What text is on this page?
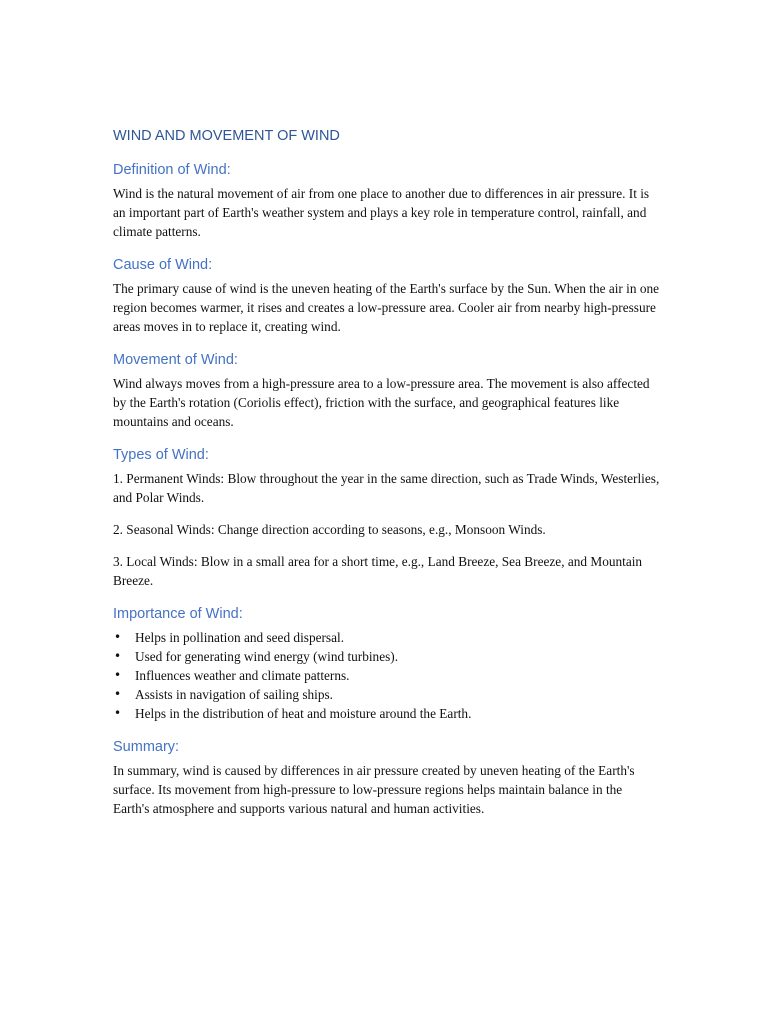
WIND AND MOVEMENT OF WIND
Definition of Wind:

Wind is the natural movement of air from one place to another due to differences in air pressure. It is an important part of Earth's weather system and plays a key role in temperature control, rainfall, and climate patterns.

Cause of Wind:

The primary cause of wind is the uneven heating of the Earth's surface by the Sun. When the air in one region becomes warmer, it rises and creates a low-pressure area. Cooler air from nearby high-pressure areas moves in to replace it, creating wind.

Movement of Wind:

Wind always moves from a high-pressure area to a low-pressure area. The movement is also affected by the Earth's rotation (Coriolis effect), friction with the surface, and geographical features like mountains and oceans.

Types of Wind:

1. Permanent Winds: Blow throughout the year in the same direction, such as Trade Winds, Westerlies, and Polar Winds.

2. Seasonal Winds: Change direction according to seasons, e.g., Monsoon Winds.

3. Local Winds: Blow in a small area for a short time, e.g., Land Breeze, Sea Breeze, and Mountain Breeze.

Importance of Wind:
• Helps in pollination and seed dispersal.
• Used for generating wind energy (wind turbines).
• Influences weather and climate patterns.
• Assists in navigation of sailing ships.
• Helps in the distribution of heat and moisture around the Earth.
Summary:

In summary, wind is caused by differences in air pressure created by uneven heating of the Earth's surface. Its movement from high-pressure to low-pressure regions helps maintain balance in the Earth's atmosphere and supports various natural and human activities.
